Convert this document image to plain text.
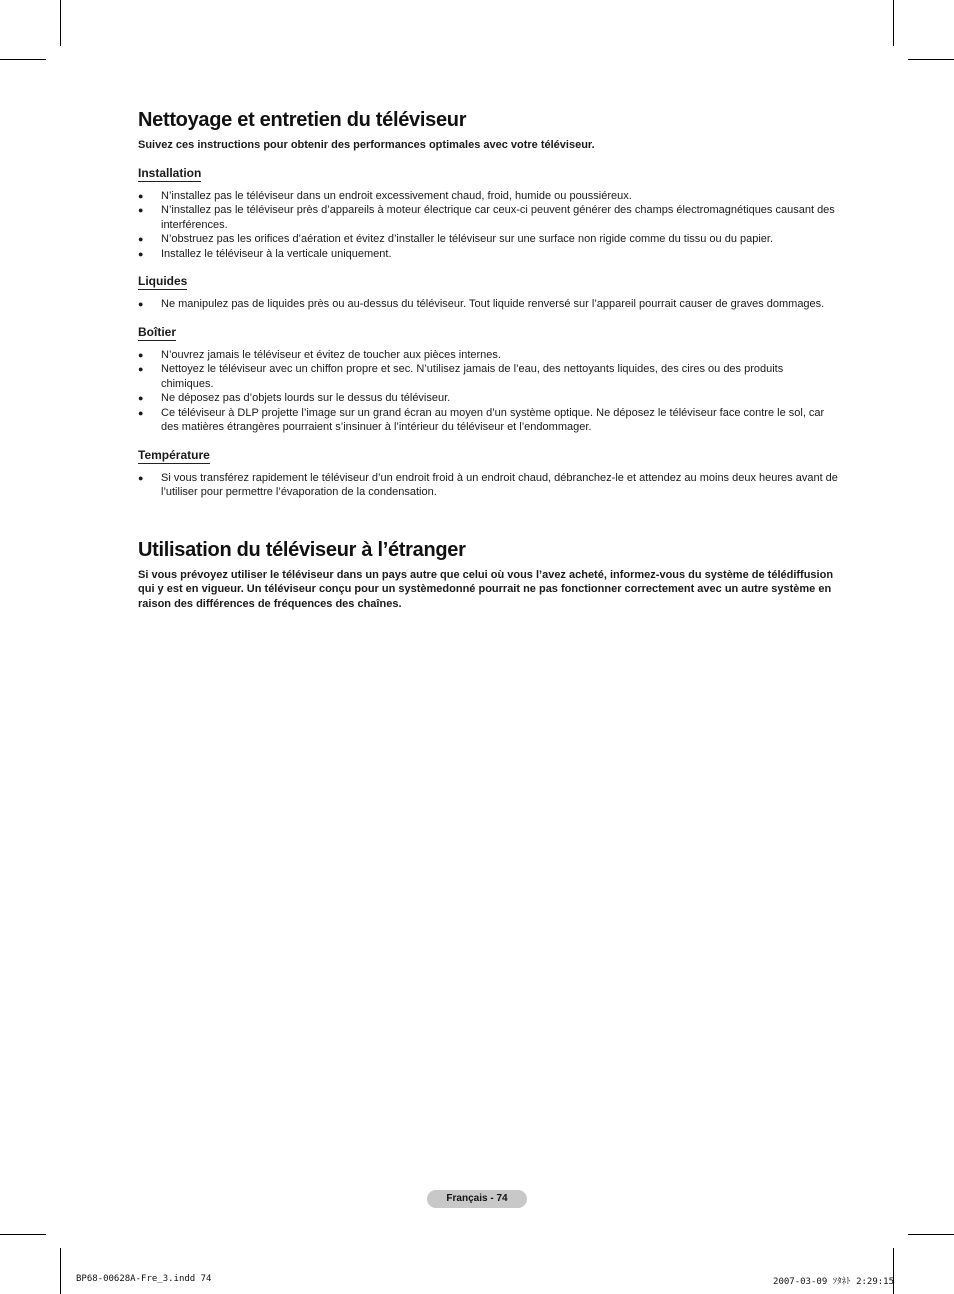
Nettoyage et entretien du téléviseur

Suivez ces instructions pour obtenir des performances optimales avec votre téléviseur.

Installation
● N’installez pas le téléviseur dans un endroit excessivement chaud, froid, humide ou poussiéreux.
● N’installez pas le téléviseur près d’appareils à moteur électrique car ceux-ci peuvent générer des champs électromagnétiques causant des interférences.
● N’obstruez pas les orifices d’aération et évitez d’installer le téléviseur sur une surface non rigide comme du tissu ou du papier.
● Installez le téléviseur à la verticale uniquement.
Liquides
● Ne manipulez pas de liquides près ou au-dessus du téléviseur. Tout liquide renversé sur l’appareil pourrait causer de graves dommages.
Boîtier
● N’ouvrez jamais le téléviseur et évitez de toucher aux pièces internes.
● Nettoyez le téléviseur avec un chiffon propre et sec. N’utilisez jamais de l’eau, des nettoyants liquides, des cires ou des produits chimiques.
● Ne déposez pas d’objets lourds sur le dessus du téléviseur.
● Ce téléviseur à DLP projette l’image sur un grand écran au moyen d’un système optique. Ne déposez le téléviseur face contre le sol, car des matières étrangères pourraient s’insinuer à l’intérieur du téléviseur et l’endommager.
Température
● Si vous transférez rapidement le téléviseur d’un endroit froid à un endroit chaud, débranchez-le et attendez au moins deux heures avant de l’utiliser pour permettre l’évaporation de la condensation.
Utilisation du téléviseur à l’étranger

Si vous prévoyez utiliser le téléviseur dans un pays autre que celui où vous l’avez acheté, informez-vous du système de télédiffusion qui y est en vigueur. Un téléviseur conçu pour un systèmedonné pourrait ne pas fonctionner correctement avec un autre système en raison des différences de fréquences des chaînes.

Français - 74
BP68-00628A-Fre_3.indd 74	2007-03-09 ｿﾀﾈﾄ 2:29:15
